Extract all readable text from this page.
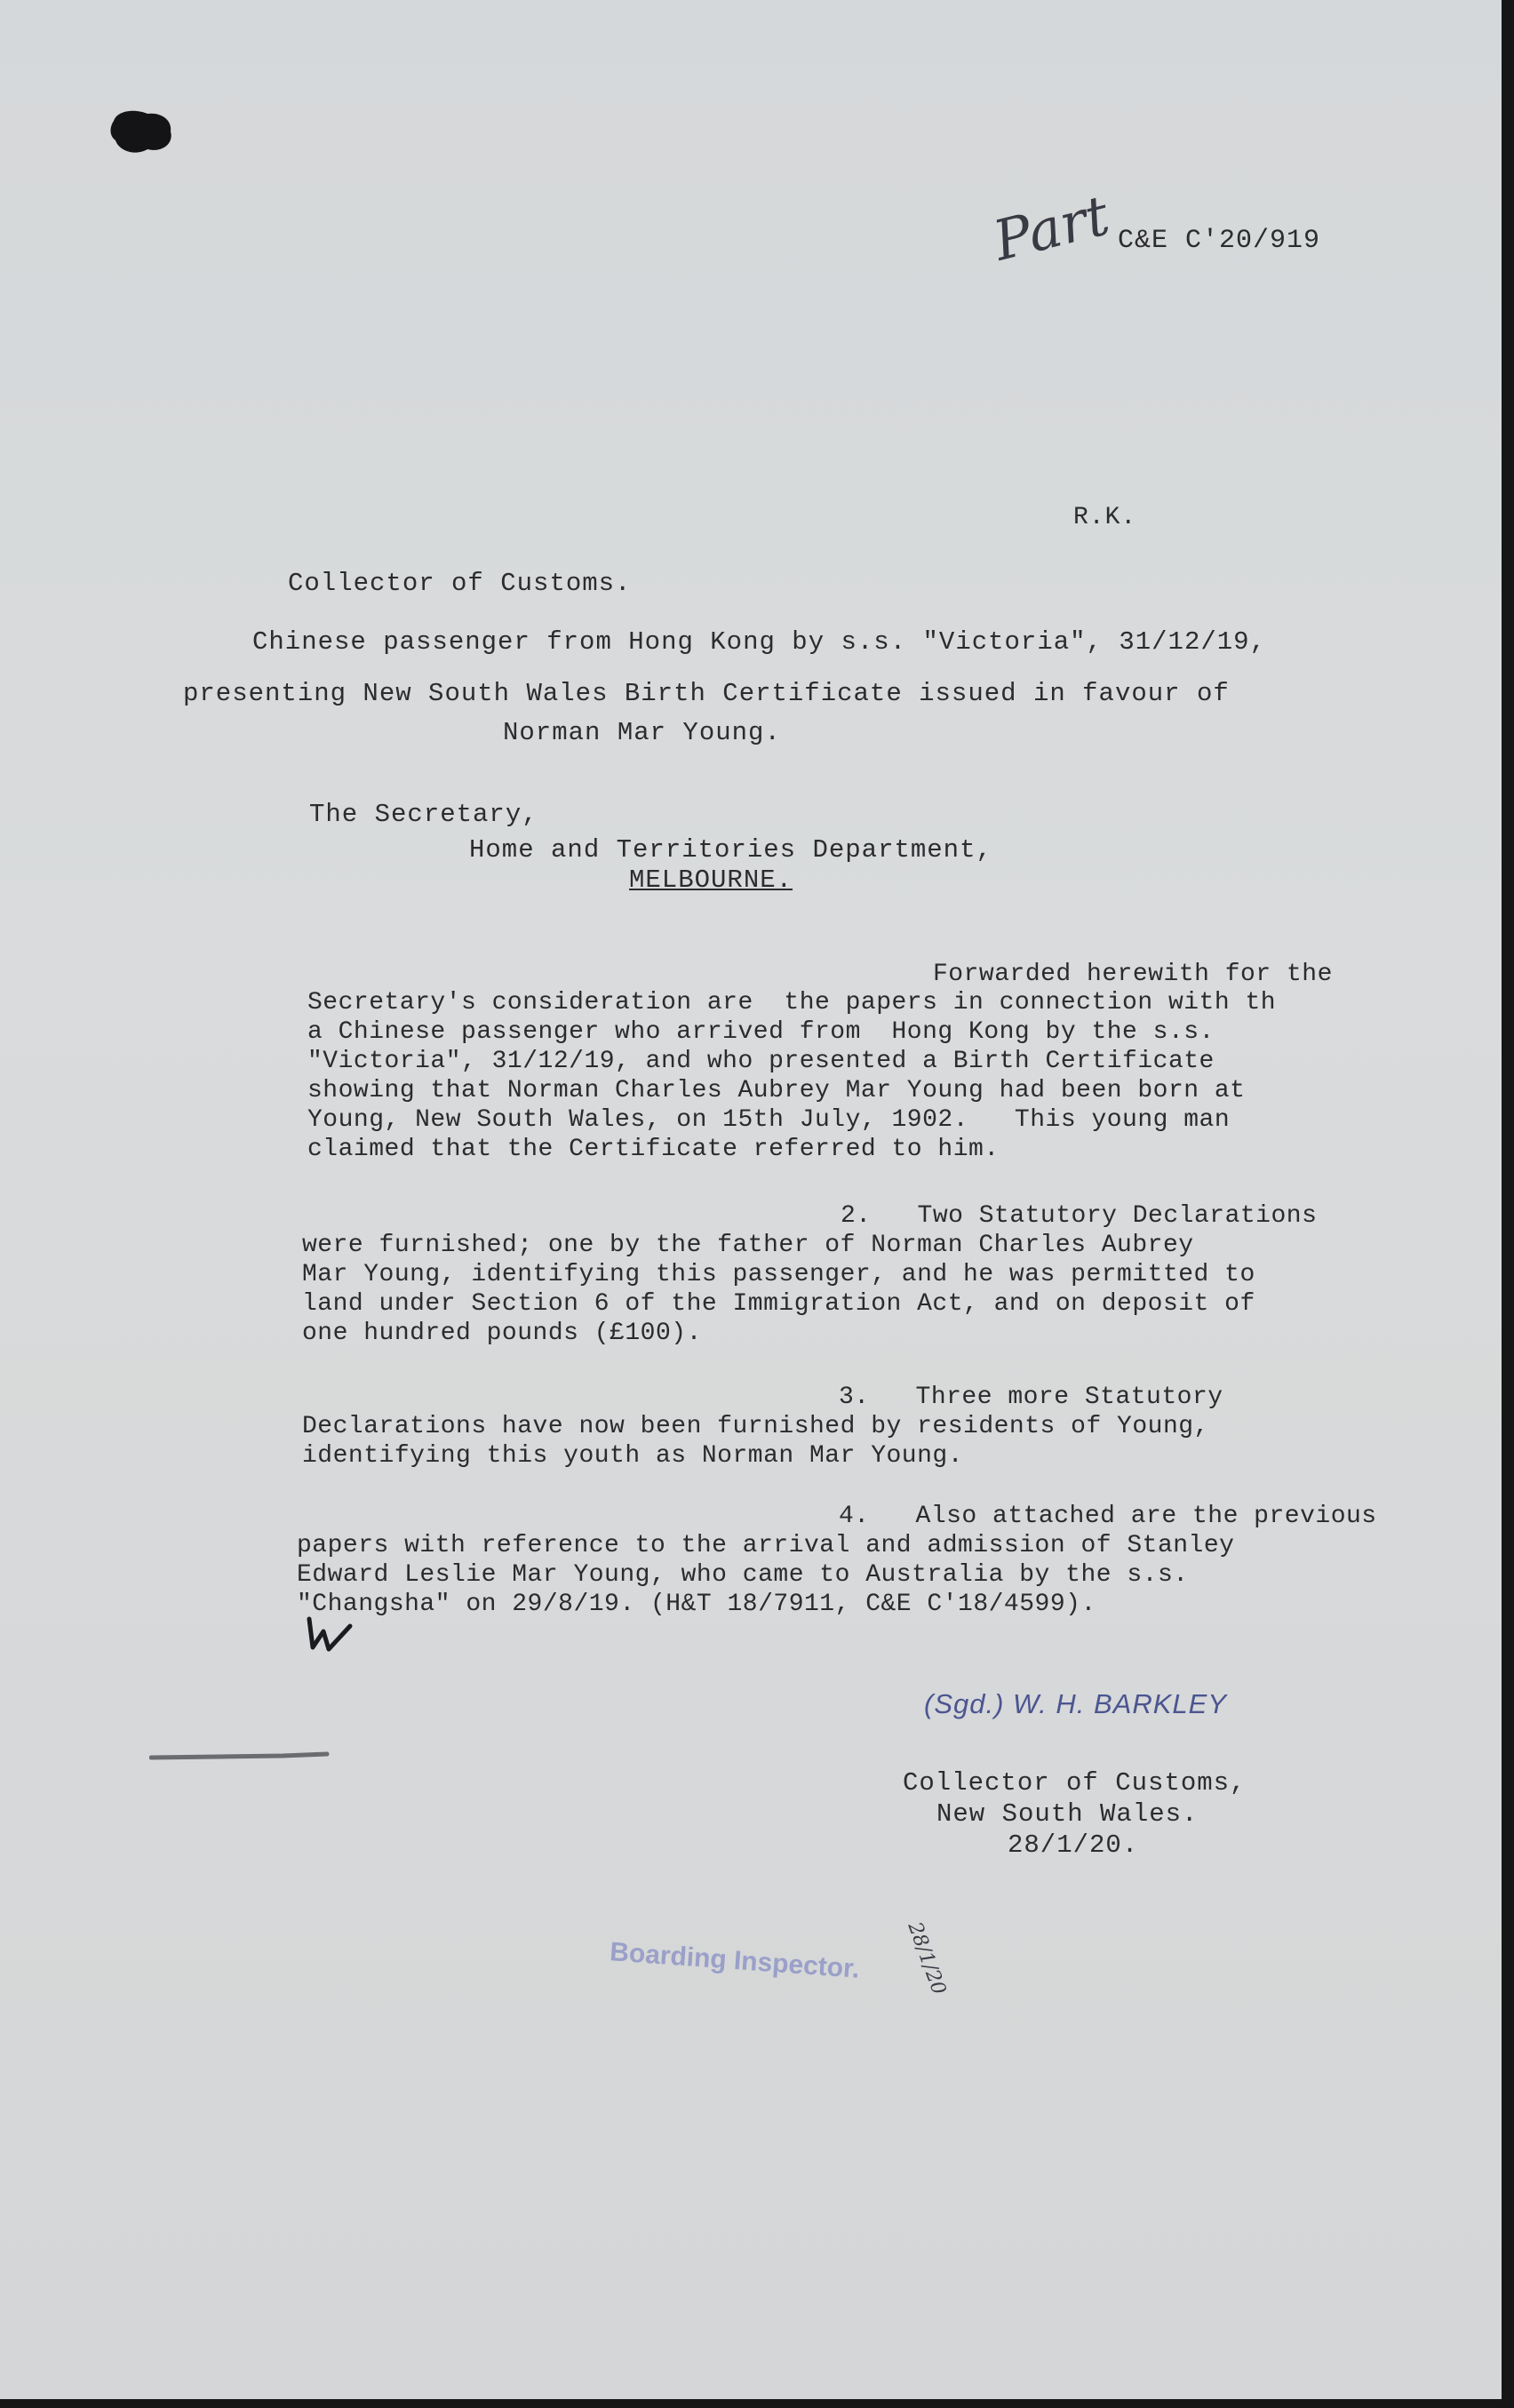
Part C&E C'20/919
R.K.
Collector of Customs.
Chinese passenger from Hong Kong by s.s. "Victoria", 31/12/19,
presenting New South Wales Birth Certificate issued in favour of
Norman Mar Young.
The Secretary,
Home and Territories Department,
MELBOURNE.
Forwarded herewith for the
Secretary's consideration are  the papers in connection with th
a Chinese passenger who arrived from  Hong Kong by the s.s.
"Victoria", 31/12/19, and who presented a Birth Certificate
showing that Norman Charles Aubrey Mar Young had been born at
Young, New South Wales, on 15th July, 1902.   This young man
claimed that the Certificate referred to him.
2.   Two Statutory Declarations
were furnished; one by the father of Norman Charles Aubrey
Mar Young, identifying this passenger, and he was permitted to
land under Section 6 of the Immigration Act, and on deposit of
one hundred pounds (£100).
3.   Three more Statutory
Declarations have now been furnished by residents of Young,
identifying this youth as Norman Mar Young.
4.   Also attached are the previous
papers with reference to the arrival and admission of Stanley
Edward Leslie Mar Young, who came to Australia by the s.s.
"Changsha" on 29/8/19. (H&T 18/7911, C&E C'18/4599).
(Sgd.) W. H. BARKLEY
Collector of Customs,
New South Wales.
28/1/20.
Boarding Inspector. 28/1/20
